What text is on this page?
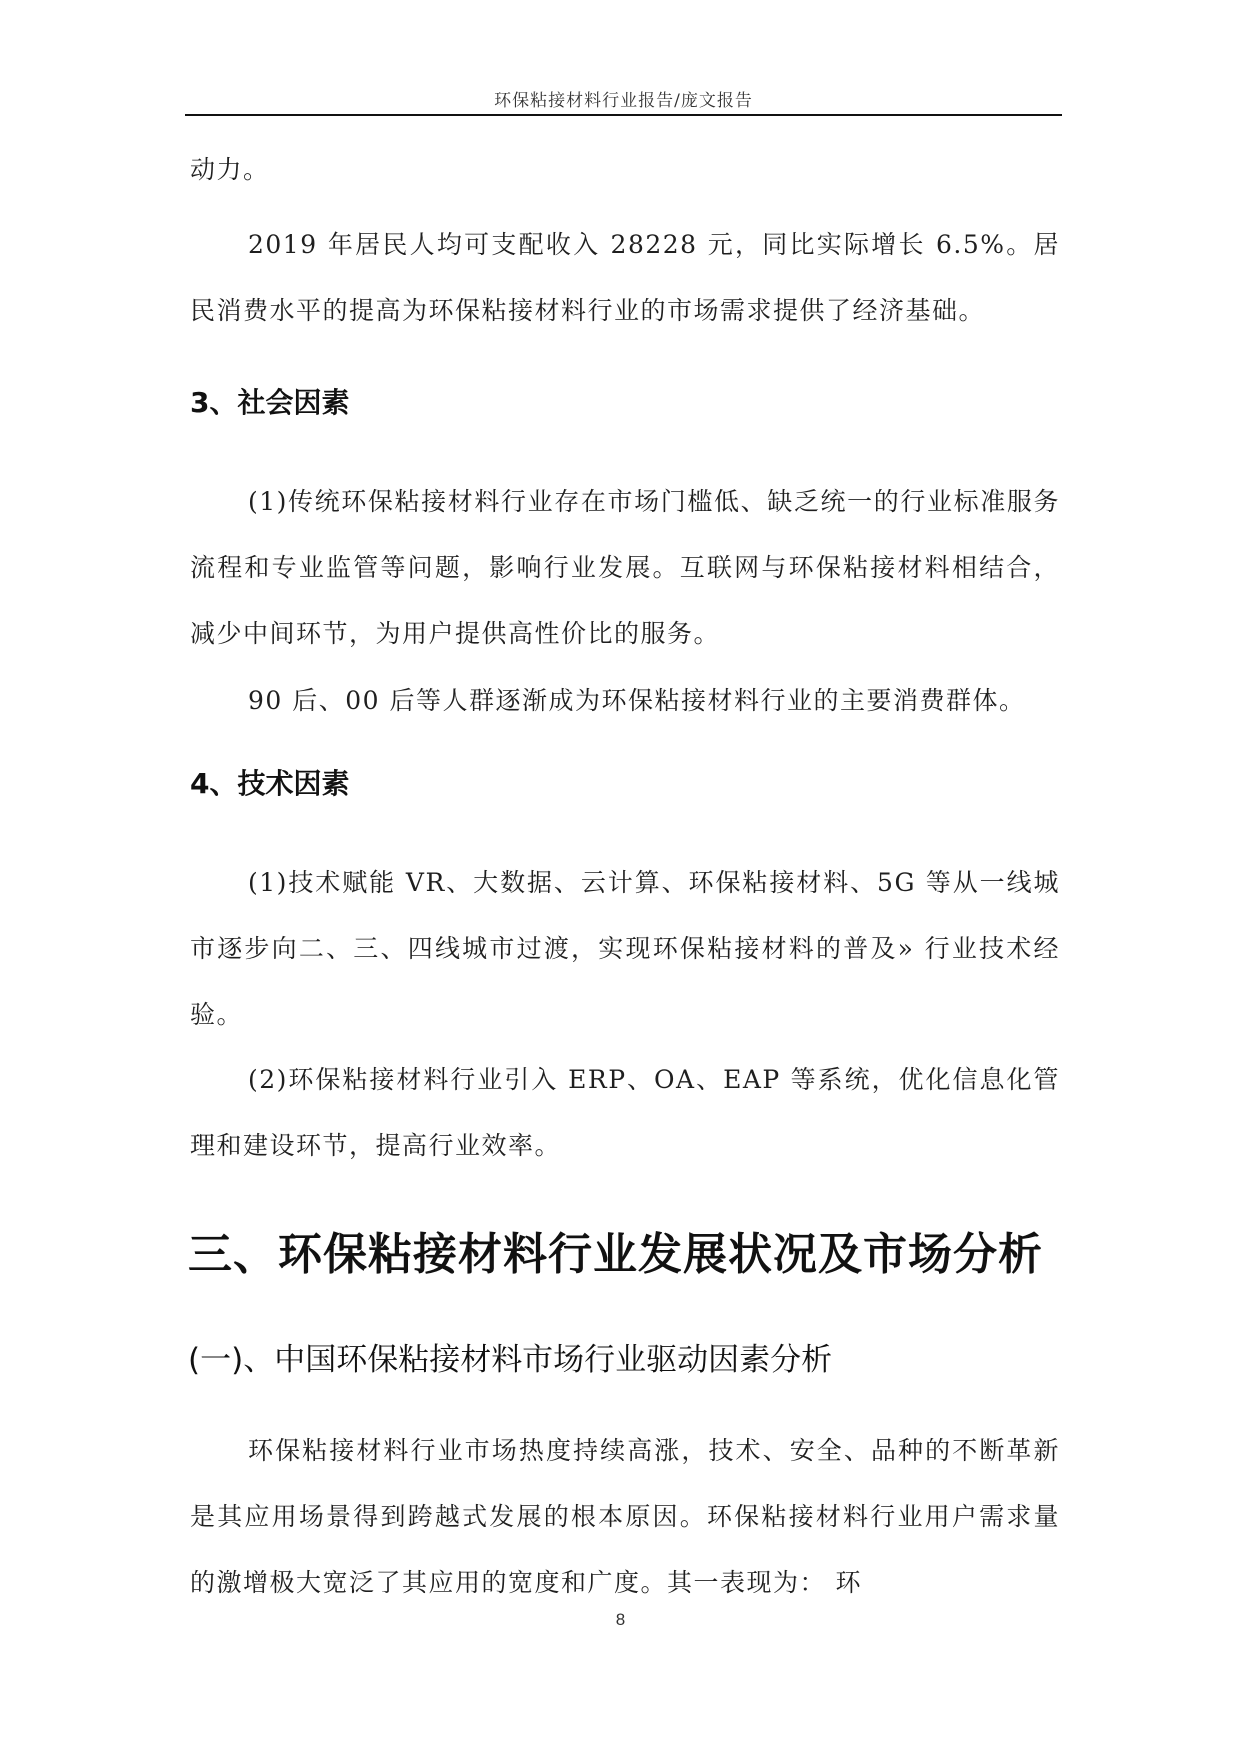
环保粘接材料行业报告/庞文报告

动力。

2019 年居民人均可支配收入 28228 元，同比实际增长 6.5%。居民消费水平的提高为环保粘接材料行业的市场需求提供了经济基础。

3、社会因素

(1)传统环保粘接材料行业存在市场门槛低、缺乏统一的行业标准服务流程和专业监管等问题，影响行业发展。互联网与环保粘接材料相结合，减少中间环节，为用户提供高性价比的服务。

90 后、00 后等人群逐渐成为环保粘接材料行业的主要消费群体。

4、技术因素

(1)技术赋能 VR、大数据、云计算、环保粘接材料、5G 等从一线城市逐步向二、三、四线城市过渡，实现环保粘接材料的普及» 行业技术经验。

(2)环保粘接材料行业引入 ERP、OA、EAP 等系统，优化信息化管理和建设环节，提高行业效率。

三、环保粘接材料行业发展状况及市场分析
(一)、中国环保粘接材料市场行业驱动因素分析

环保粘接材料行业市场热度持续高涨，技术、安全、品种的不断革新是其应用场景得到跨越式发展的根本原因。环保粘接材料行业用户需求量的激增极大宽泛了其应用的宽度和广度。其一表现为： 环

8
